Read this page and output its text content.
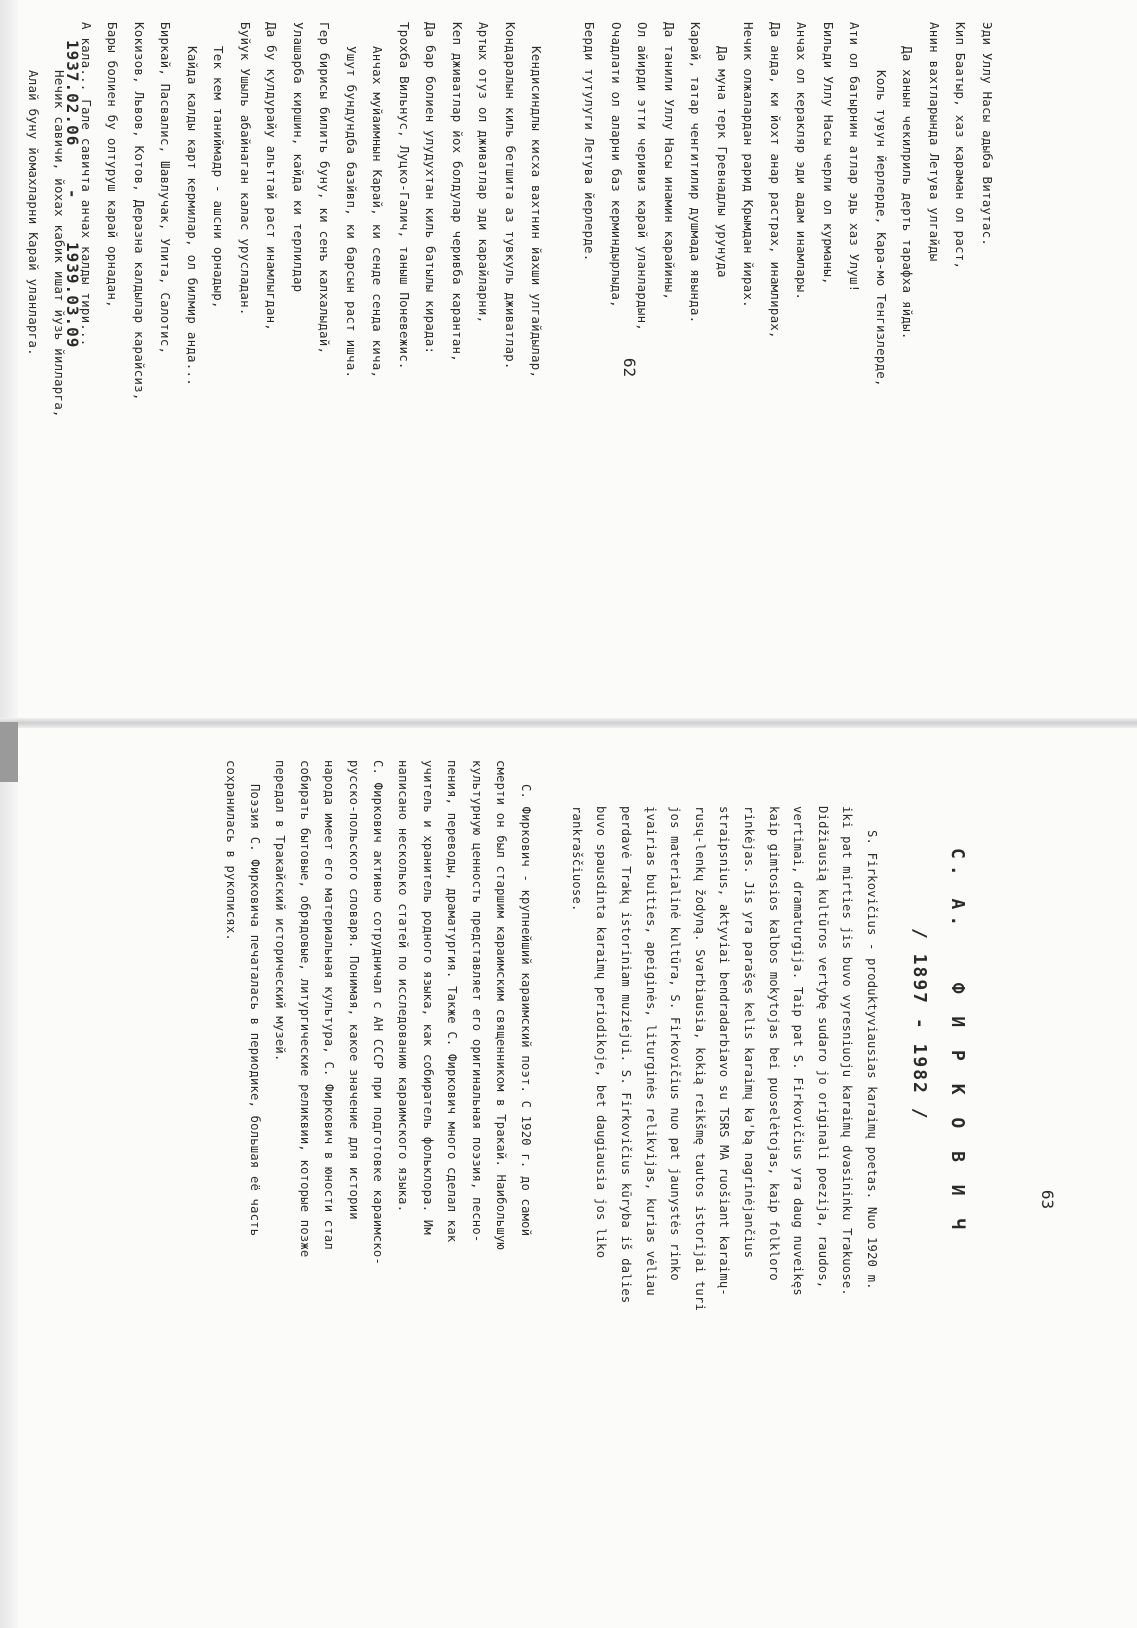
62
Эди Уллу Насы адыба Витаутас.
Кип Баатыр, хаз караман ол раст,
Анин вахтларында Летува улгайды
Да ханын чекилриль дерть тарафха яйды.
Коль тувун йерлерде, Кара-мо Тенгизлерде,
Ати ол батырнин атлар эдь хаз Улуш!
Бильди Уллу Насы черли ол курманы,
Анчах ол керакляр эди адам инамлары.
Да анда, ки йохт анар растрах, инамлирах,
Нечик олжалардан рарид Крымдан йирах.
Да муна терк Гревнадлы урунуда
Карай, татар ченгитилир душмада явында.
Да танили Уллу Насы инамин карайины,
Ол айирди этти черивиз карай уланлардын,
Очадлати ол аларни баз керминдырлыда,
Берди тутулуги Летува йерлерде.
Кендисиндлы кисха вахтнин йахши улгайдылар,
Кондаралын киль бетшита аз тувкуль дживатлар.
Артых отуз ол дживатлар эди карайларни,
Кеп дживатлар йох болдулар черивба карантан,
Да бар болиен улудухтан киль батылы кирада:
Трохба Вильнус, Луцко-Галич, таныш Поневежис.
Анчах муйаимнын Карай, ки сенде сенда кича,
Ушут бундундба базйвп, ки барсын раст ишча.
Гер бирисы билить буну, ки сенъ калхалыдай,
Улашарба киршин, кайда ки терлилдар
Да бу кулдурайу альттай раст инамлыгдан,
Буйук Ушыль абайнаган калас урусладан.
Тек кем таниймадр - ашсни орнадыр,
Кайда калды карт кермилар, ол билмир анда...
Биркай, Пасвалис, Шавлучак, Упита, Салотис,
Кокизов, Львов, Котов, Деразна калдылар карайсиз,
Бары болиен бу олтуруш карай орнадан,
А кала... Гале савичта анчах калды тири...
Нечик савичи, йохах кабик ишат йузь йилларга,
Алай буну йомахларни Карай уланларга.	1937.02.06    -    1939.03.09
63
С. А.   Ф И Р К О В И Ч
/ 1897 - 1982 /
S. Firkovičius - produktyviausias karaimų poetas. Nuo 1920 m.
iki pat mirties jis buvo vyresniuoju karaimų dvasininku Trakuose.
Didžiausią kultūros vertybę sudaro jo originali poezija, raudos,
vertimai, dramaturgija. Taip pat S. Firkovičius yra daug nuveikęs
kaip gimtosios kalbos mokytojas bei puoselėtojas, kaip folkloro
rinkėjas. Jis yra parašęs kelis karaimų ka'bą nagrinėjančius
straipsnius, aktyviai bendradarbiavo su TSRS MA ruošiant karaimų-
rusų-lenkų žodyną. Svarbiausia, kokią reikšmę tautos istorijai turi
jos materialinė kultūra, S. Firkovičius nuo pat jaunystės rinko
įvairias buities, apeiginės, liturginės relikvijas, kurias vėliau
perdavė Trakų istoriniam muziejui. S. Firkovičius kūryba iš dalies
buvo spausdinta karaimų periodikoje, bet daugiausia jos liko
rankraščiuose.
С. Фиркович - крупнейший караимский поэт. С 1920 г. до самой
смерти он был старшим караимским священником в Тракай. Наибольшую
культурную ценность представляет его оригинальная поэзия, песно-
пения, переводы, драматургия. Также С. Фиркович много сделал как
учитель и хранитель родного языка, как собиратель фольклора. Им
написано несколько статей по исследованию караимского языка.
С. Фиркович активно сотрудничал с АН СССР при подготовке караимско-
русско-польского словаря. Понимая, какое значение для истории
народа имеет его материальная культура, С. Фиркович в юности стал
собирать бытовые, обрядовые, литургические реликвии, которые позже
передал в Тракайский исторический музей.
Поэзия С. Фирковича печаталась в периодике, большая её часть
сохранилась в рукописях.
